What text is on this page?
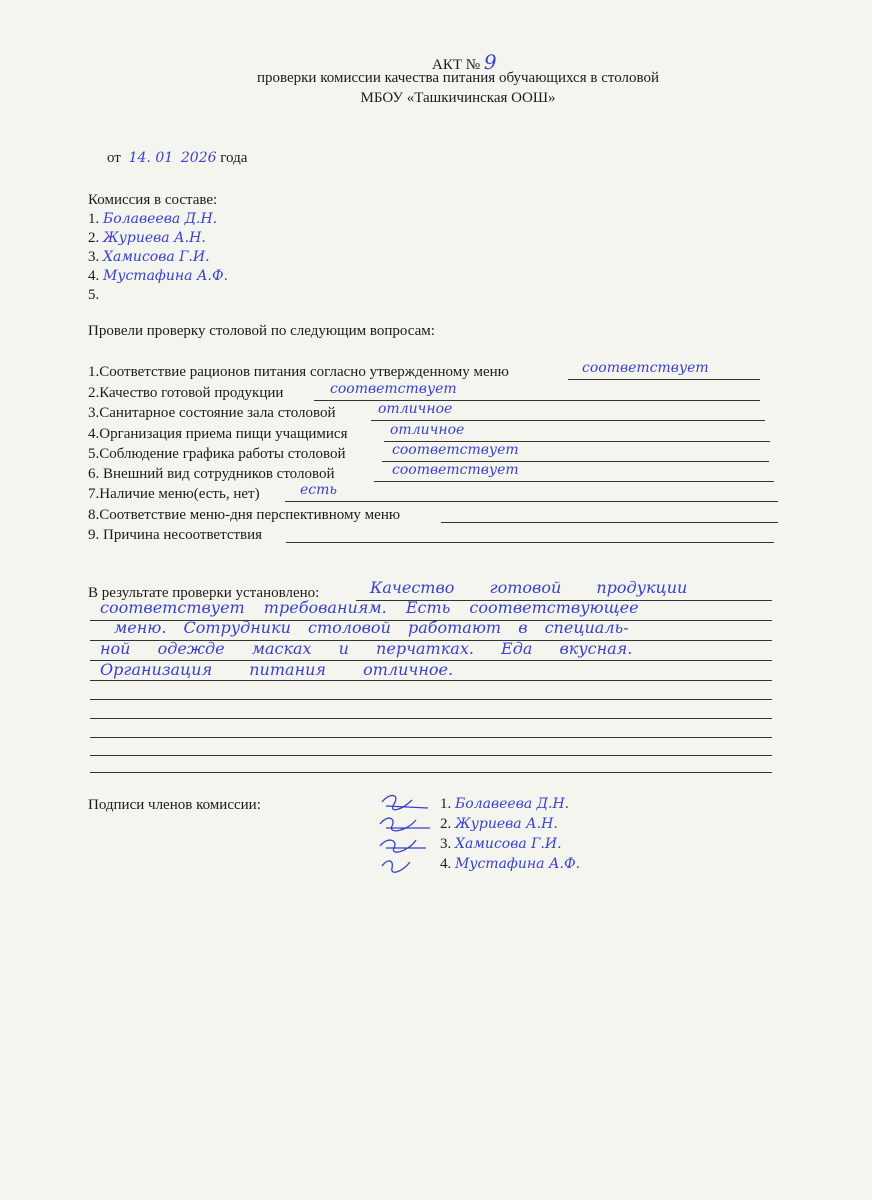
АКТ № 9
проверки комиссии качества питания обучающихся в столовой
МБОУ «Ташкичинская ООШ»
от 14. 01 2026 года
Комиссия в составе:
1. Болавеева Д.Н.
2. Журиева А.Н.
3. Хамисова Г.И.
4. Мустафина А.Ф.
5.
Провели проверку столовой по следующим вопросам:
1.Соответствие рационов питания согласно утвержденному меню	соответствует
2.Качество готовой продукции	соответствует
3.Санитарное состояние зала столовой	отличное
4.Организация приема пищи учащимися	отличное
5.Соблюдение графика работы столовой	соответствует
6. Внешний вид сотрудников столовой	соответствует
7.Наличие меню(есть, нет)	есть
8.Соответствие меню-дня перспективному меню
9. Причина несоответствия
В результате проверки установлено:	Качество готовой продукции
соответствует требованиям. Есть соответствующее
меню. Сотрудники столовой работают в специаль-
ной одежде масках и перчатках. Еда вкусная.
Организация питания отличное.
Подписи членов комиссии:	1. Болавеева Д.Н.
2. Журиева А.Н.
3. Хамисова Г.И.
4. Мустафина А.Ф.
